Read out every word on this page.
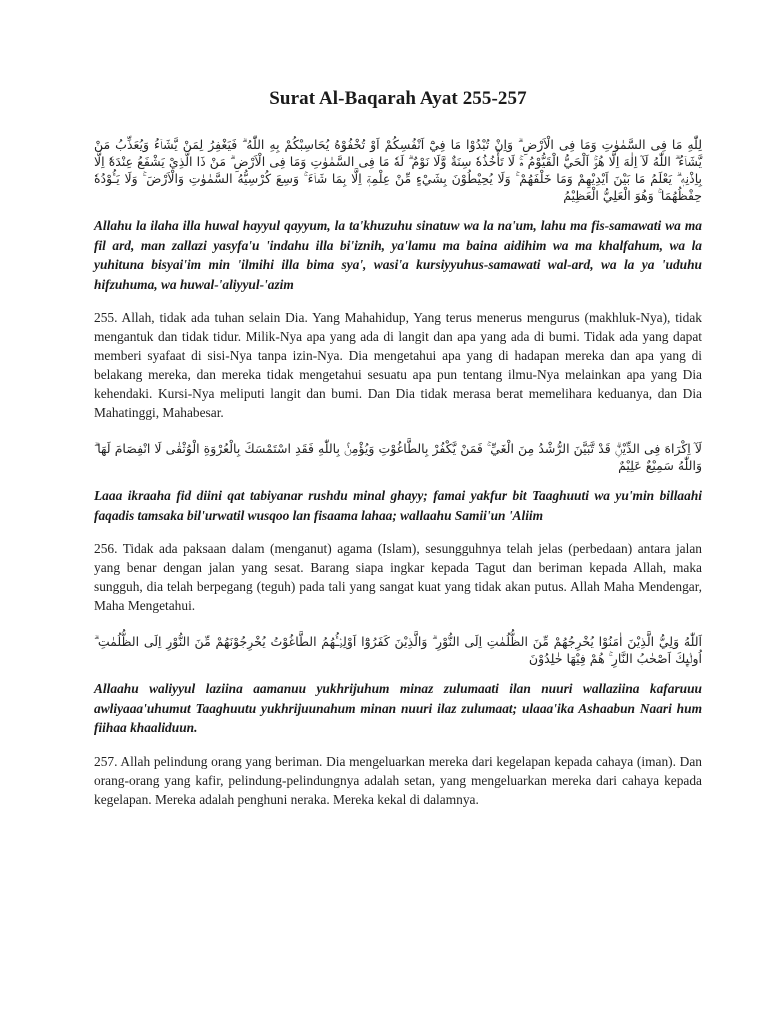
Surat Al-Baqarah Ayat 255-257

لِلّٰهِ مَا فِى السَّمٰوٰتِ وَمَا فِى الْاَرْضِ ۗ وَاِنْ تُبْدُوْا مَا فِيْٓ اَنْفُسِكُمْ اَوْ تُخْفُوْهُ يُحَاسِبْكُمْ بِهِ اللّٰهُ ۗ فَيَغْفِرُ لِمَنْ يَّشَاۤءُ وَيُعَذِّبُ مَنْ يَّشَاۤءُ ۗ اللّٰهُ لَآ اِلٰهَ اِلَّا هُوَۚ اَلْحَيُّ الْقَيُّوْمُ ەۚ لَا تَأْخُذُهٗ سِنَةٌ وَّلَا نَوْمٌ ۗ لَهٗ مَا فِى السَّمٰوٰتِ وَمَا فِى الْاَرْضِ ۗ مَنْ ذَا الَّذِيْ يَشْفَعُ عِنْدَهٗٓ اِلَّا بِاِذْنِهٖ ۗ يَعْلَمُ مَا بَيْنَ اَيْدِيْهِمْ وَمَا خَلْفَهُمْ ۚ وَلَا يُحِيْطُوْنَ بِشَيْءٍ مِّنْ عِلْمِهٖٓ اِلَّا بِمَا شَاۤءَ ۚ وَسِعَ كُرْسِيُّهُ السَّمٰوٰتِ وَالْاَرْضَ ۚ وَلَا يَـُٔوْدُهٗ حِفْظُهُمَا ۚ وَهُوَ الْعَلِيُّ الْعَظِيْمُ

Allahu la ilaha illa huwal hayyul qayyum, la ta'khuzuhu sinatuw wa la na'um, lahu ma fis-samawati wa ma fil ard, man zallazi yasyfa'u 'indahu illa bi'iznih, ya'lamu ma baina aidihim wa ma khalfahum, wa la yuhituna bisyai'im min 'ilmihi illa bima sya', wasi'a kursiyyuhus-samawati wal-ard, wa la ya 'uduhu hifzuhuma, wa huwal-'aliyyul-'azim

255. Allah, tidak ada tuhan selain Dia. Yang Mahahidup, Yang terus menerus mengurus (makhluk-Nya), tidak mengantuk dan tidak tidur. Milik-Nya apa yang ada di langit dan apa yang ada di bumi. Tidak ada yang dapat memberi syafaat di sisi-Nya tanpa izin-Nya. Dia mengetahui apa yang di hadapan mereka dan apa yang di belakang mereka, dan mereka tidak mengetahui sesuatu apa pun tentang ilmu-Nya melainkan apa yang Dia kehendaki. Kursi-Nya meliputi langit dan bumi. Dan Dia tidak merasa berat memelihara keduanya, dan Dia Mahatinggi, Mahabesar.

لَآ اِكْرَاهَ فِى الدِّيْنِۗ قَدْ تَّبَيَّنَ الرُّشْدُ مِنَ الْغَيِّ ۚ فَمَنْ يَّكْفُرْ بِالطَّاغُوْتِ وَيُؤْمِنْۢ بِاللّٰهِ فَقَدِ اسْتَمْسَكَ بِالْعُرْوَةِ الْوُثْقٰى لَا انْفِصَامَ لَهَا ۗ وَاللّٰهُ سَمِيْعٌ عَلِيْمٌ

Laaa ikraaha fid diini qat tabiyanar rushdu minal ghayy; famai yakfur bit Taaghuuti wa yu'min billaahi faqadis tamsaka bil'urwatil wusqoo lan fisaama lahaa; wallaahu Samii'un 'Aliim

256. Tidak ada paksaan dalam (menganut) agama (Islam), sesungguhnya telah jelas (perbedaan) antara jalan yang benar dengan jalan yang sesat. Barang siapa ingkar kepada Tagut dan beriman kepada Allah, maka sungguh, dia telah berpegang (teguh) pada tali yang sangat kuat yang tidak akan putus. Allah Maha Mendengar, Maha Mengetahui.

اَللّٰهُ وَلِيُّ الَّذِيْنَ اٰمَنُوْا يُخْرِجُهُمْ مِّنَ الظُّلُمٰتِ اِلَى النُّوْرِ ۗ وَالَّذِيْنَ كَفَرُوْٓا اَوْلِيٰۤـُٔهُمُ الطَّاغُوْتُ يُخْرِجُوْنَهُمْ مِّنَ النُّوْرِ اِلَى الظُّلُمٰتِ ۗ اُولٰۤىِٕكَ اَصْحٰبُ النَّارِ ۚ هُمْ فِيْهَا خٰلِدُوْنَ

Allaahu waliyyul laziina aamanuu yukhrijuhum minaz zulumaati ilan nuuri wallaziina kafaruuu awliyaaa'uhumut Taaghuutu yukhrijuunahum minan nuuri ilaz zulumaat; ulaaa'ika Ashaabun Naari hum fiihaa khaaliduun.

257. Allah pelindung orang yang beriman. Dia mengeluarkan mereka dari kegelapan kepada cahaya (iman). Dan orang-orang yang kafir, pelindung-pelindungnya adalah setan, yang mengeluarkan mereka dari cahaya kepada kegelapan. Mereka adalah penghuni neraka. Mereka kekal di dalamnya.
